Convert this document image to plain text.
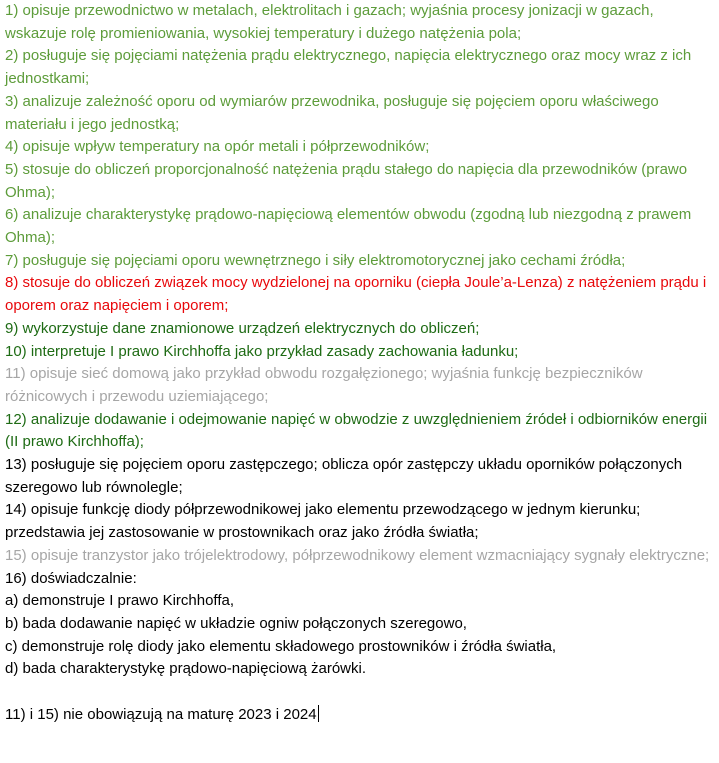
1) opisuje przewodnictwo w metalach, elektrolitach i gazach; wyjaśnia procesy jonizacji w gazach, wskazuje rolę promieniowania, wysokiej temperatury i dużego natężenia pola;

2) posługuje się pojęciami natężenia prądu elektrycznego, napięcia elektrycznego oraz mocy wraz z ich jednostkami;

3) analizuje zależność oporu od wymiarów przewodnika, posługuje się pojęciem oporu właściwego materiału i jego jednostką;

4) opisuje wpływ temperatury na opór metali i półprzewodników;

5) stosuje do obliczeń proporcjonalność natężenia prądu stałego do napięcia dla przewodników (prawo Ohma);

6) analizuje charakterystykę prądowo-napięciową elementów obwodu (zgodną lub niezgodną z prawem Ohma);

7) posługuje się pojęciami oporu wewnętrznego i siły elektromotorycznej jako cechami źródła;

8) stosuje do obliczeń związek mocy wydzielonej na oporniku (ciepła Joule’a-Lenza) z natężeniem prądu i oporem oraz napięciem i oporem;

9) wykorzystuje dane znamionowe urządzeń elektrycznych do obliczeń;

10) interpretuje I prawo Kirchhoffa jako przykład zasady zachowania ładunku;

11) opisuje sieć domową jako przykład obwodu rozgałęzionego; wyjaśnia funkcję bezpieczników różnicowych i przewodu uziemiającego;

12) analizuje dodawanie i odejmowanie napięć w obwodzie z uwzględnieniem źródeł i odbiorników energii (II prawo Kirchhoffa);

13) posługuje się pojęciem oporu zastępczego; oblicza opór zastępczy układu oporników połączonych szeregowo lub równolegle;

14) opisuje funkcję diody półprzewodnikowej jako elementu przewodzącego w jednym kierunku; przedstawia jej zastosowanie w prostownikach oraz jako źródła światła;

15) opisuje tranzystor jako trójelektrodowy, półprzewodnikowy element wzmacniający sygnały elektryczne;

16) doświadczalnie:

a) demonstruje I prawo Kirchhoffa,

b) bada dodawanie napięć w układzie ogniw połączonych szeregowo,

c) demonstruje rolę diody jako elementu składowego prostowników i źródła światła,

d) bada charakterystykę prądowo-napięciową żarówki.

11) i 15) nie obowiązują na maturę 2023 i 2024
